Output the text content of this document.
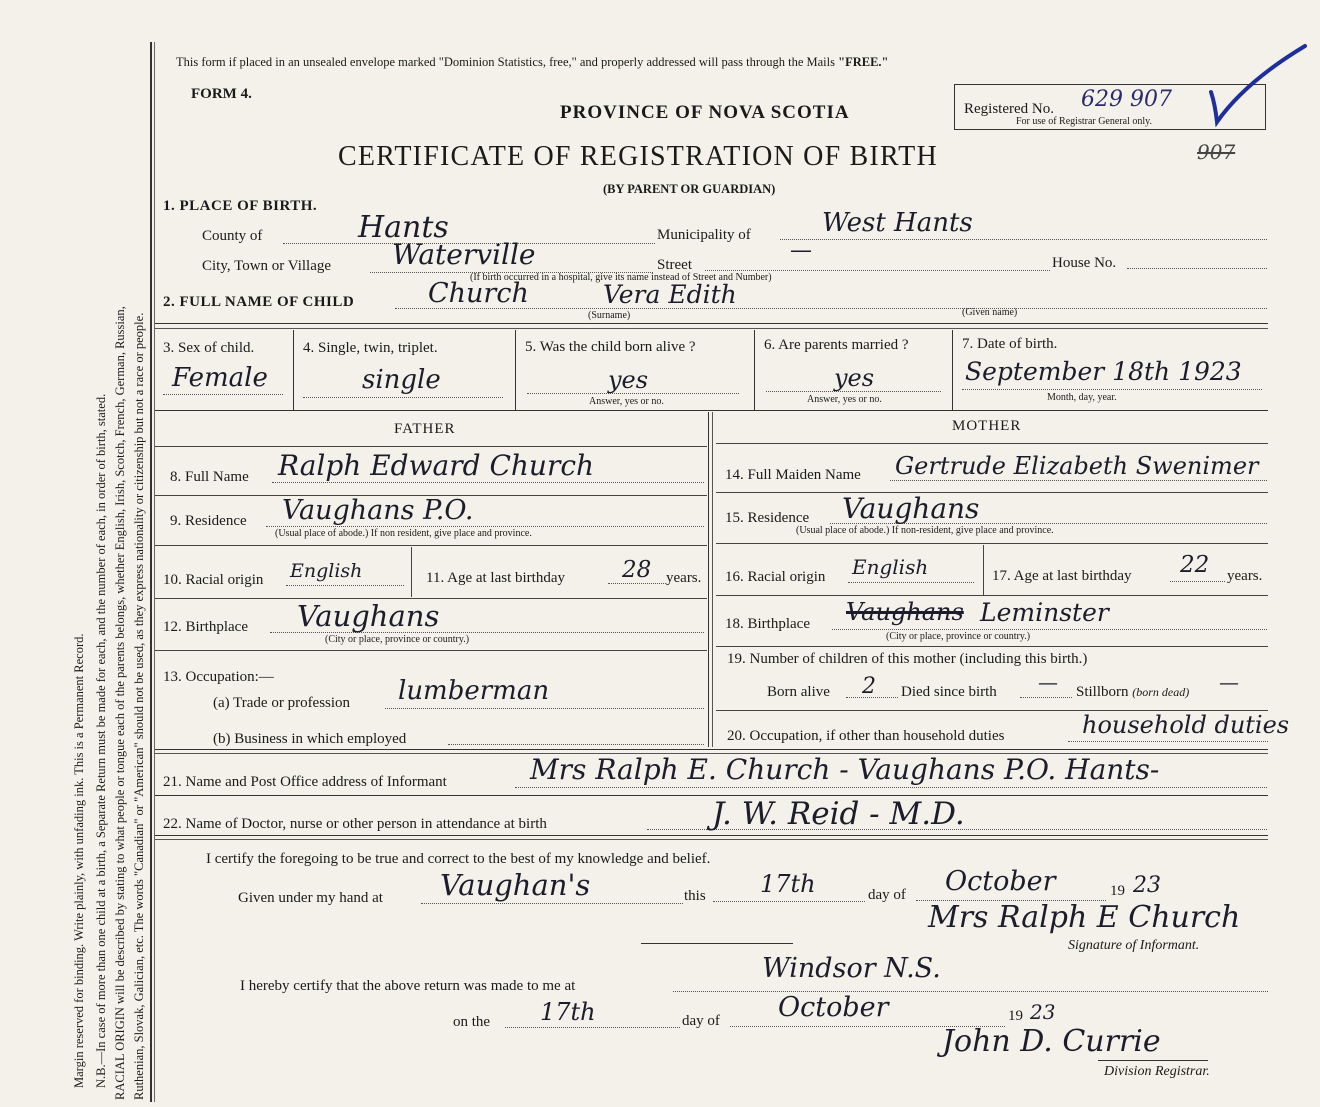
Margin reserved for binding. Write plainly, with unfading ink. This is a Permanent Record. N.B.—In case of more than one child at a birth, a Separate Return must be made for each, and the number of each, in order of birth, stated. RACIAL ORIGIN will be described by stating to what people or tongue each of the parents belongs, whether English, Irish, Scotch, French, German, Russian, Ruthenian, Slovak, Galician, etc. The words "Canadian" or "American" should not be used, as they express nationality or citizenship but not a race or people.
This form if placed in an unsealed envelope marked "Dominion Statistics, free," and properly addressed will pass through the Mails "FREE."
FORM 4.
PROVINCE OF NOVA SCOTIA
CERTIFICATE OF REGISTRATION OF BIRTH
(BY PARENT OR GUARDIAN)
Registered No. 629 907
For use of Registrar General only.
907
1. PLACE OF BIRTH.
County of	Hants	Municipality of	West Hants
City, Town or Village Waterville	Street
—	House No.
(If birth occurred in a hospital, give its name instead of Street and Number)
2. FULL NAME OF CHILD	Church	Vera Edith
(Surname)	(Given name)
3. Sex of child.
Female
4. Single, twin, triplet.
single
5. Was the child born alive ?
yes
Answer, yes or no.
6. Are parents married ?
yes
Answer, yes or no.
7. Date of birth.
September 18th 1923
Month, day, year.
FATHER	MOTHER
8. Full Name Ralph Edward Church
9. Residence Vaughans P.O.
(Usual place of abode.) If non resident, give place and province.
10. Racial origin English	11. Age at last birthday 28 years.
12. Birthplace Vaughans
(City or place, province or country.)
13. Occupation:—
(a) Trade or profession lumberman
(b) Business in which employed
14. Full Maiden Name Gertrude Elizabeth Swenimer
15. Residence Vaughans
(Usual place of abode.) If non-resident, give place and province.
16. Racial origin English	17. Age at last birthday 22 years.
18. Birthplace Vaughans Leminster
(City or place, province or country.)
19. Number of children of this mother (including this birth.)
Born alive 2 Died since birth — Stillborn (born dead) —
20. Occupation, if other than household duties	household duties
21. Name and Post Office address of Informant	Mrs Ralph E. Church - Vaughans P.O. Hants-
22. Name of Doctor, nurse or other person in attendance at birth	J. W. Reid - M.D.
I certify the foregoing to be true and correct to the best of my knowledge and belief.
Given under my hand at Vaughan's	this 17th	day of October	19 23
Mrs Ralph E Church
Signature of Informant.
I hereby certify that the above return was made to me at
Windsor N.S.
on the 17th	day of October	19 23
John D. Currie
Division Registrar.
